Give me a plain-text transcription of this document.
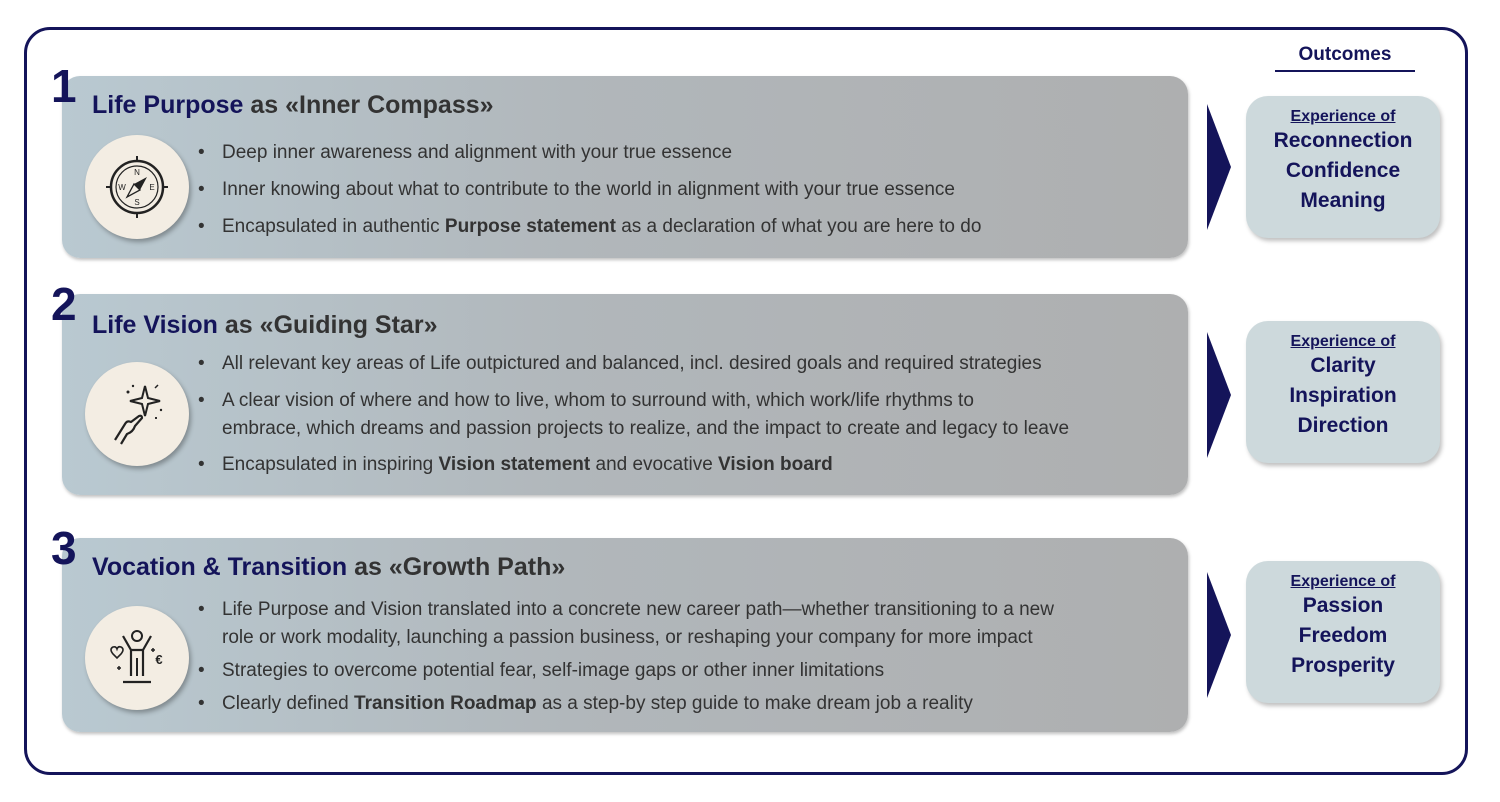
Outcomes
1 Life Purpose as «Inner Compass»
N
S
W	E
• Deep inner awareness and alignment with your true essence
• Inner knowing about what to contribute to the world in alignment with your true essence
• Encapsulated in authentic Purpose statement as a declaration of what you are here to do
Experience of
Reconnection
Confidence
Meaning
2 Life Vision as «Guiding Star»
• All relevant key areas of Life outpictured and balanced, incl. desired goals and required strategies
• A clear vision of where and how to live, whom to surround with, which work/life rhythms to
embrace, which dreams and passion projects to realize, and the impact to create and legacy to leave
• Encapsulated in inspiring Vision statement and evocative Vision board
Experience of
Clarity
Inspiration
Direction
3 Vocation & Transition as «Growth Path»
€
• Life Purpose and Vision translated into a concrete new career path—whether transitioning to a new
role or work modality, launching a passion business, or reshaping your company for more impact
• Strategies to overcome potential fear, self-image gaps or other inner limitations
• Clearly defined Transition Roadmap as a step-by step guide to make dream job a reality
Experience of
Passion
Freedom
Prosperity
